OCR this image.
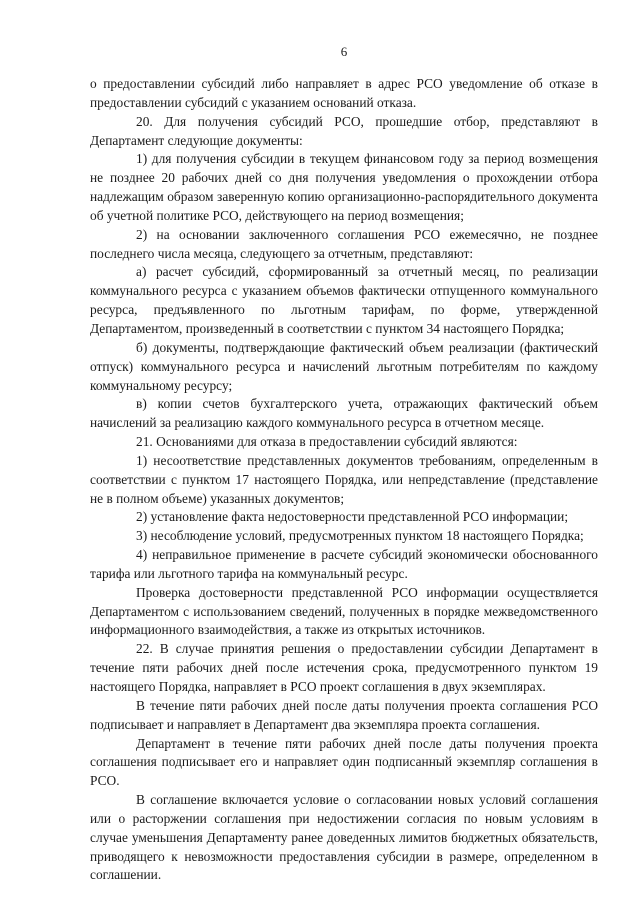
6

о предоставлении субсидий либо направляет в адрес РСО уведомление об отказе в предоставлении субсидий с указанием оснований отказа.

20. Для получения субсидий РСО, прошедшие отбор, представляют в Департамент следующие документы:

1) для получения субсидии в текущем финансовом году за период возмещения не позднее 20 рабочих дней со дня получения уведомления о прохождении отбора надлежащим образом заверенную копию организационно-распорядительного документа об учетной политике РСО, действующего на период возмещения;

2) на основании заключенного соглашения РСО ежемесячно, не позднее последнего числа месяца, следующего за отчетным, представляют:

а) расчет субсидий, сформированный за отчетный месяц, по реализации коммунального ресурса с указанием объемов фактически отпущенного коммунального ресурса, предъявленного по льготным тарифам, по форме, утвержденной Департаментом, произведенный в соответствии с пунктом 34 настоящего Порядка;

б) документы, подтверждающие фактический объем реализации (фактический отпуск) коммунального ресурса и начислений льготным потребителям по каждому коммунальному ресурсу;

в) копии счетов бухгалтерского учета, отражающих фактический объем начислений за реализацию каждого коммунального ресурса в отчетном месяце.

21. Основаниями для отказа в предоставлении субсидий являются:

1) несоответствие представленных документов требованиям, определенным в соответствии с пунктом 17 настоящего Порядка, или непредставление (представление не в полном объеме) указанных документов;

2) установление факта недостоверности представленной РСО информации;

3) несоблюдение условий, предусмотренных пунктом 18 настоящего Порядка;

4) неправильное применение в расчете субсидий экономически обоснованного тарифа или льготного тарифа на коммунальный ресурс.

Проверка достоверности представленной РСО информации осуществляется Департаментом с использованием сведений, полученных в порядке межведомственного информационного взаимодействия, а также из открытых источников.

22. В случае принятия решения о предоставлении субсидии Департамент в течение пяти рабочих дней после истечения срока, предусмотренного пунктом 19 настоящего Порядка, направляет в РСО проект соглашения в двух экземплярах.

В течение пяти рабочих дней после даты получения проекта соглашения РСО подписывает и направляет в Департамент два экземпляра проекта соглашения.

Департамент в течение пяти рабочих дней после даты получения проекта соглашения подписывает его и направляет один подписанный экземпляр соглашения в РСО.

В соглашение включается условие о согласовании новых условий соглашения или о расторжении соглашения при недостижении согласия по новым условиям в случае уменьшения Департаменту ранее доведенных лимитов бюджетных обязательств, приводящего к невозможности предоставления субсидии в размере, определенном в соглашении.
